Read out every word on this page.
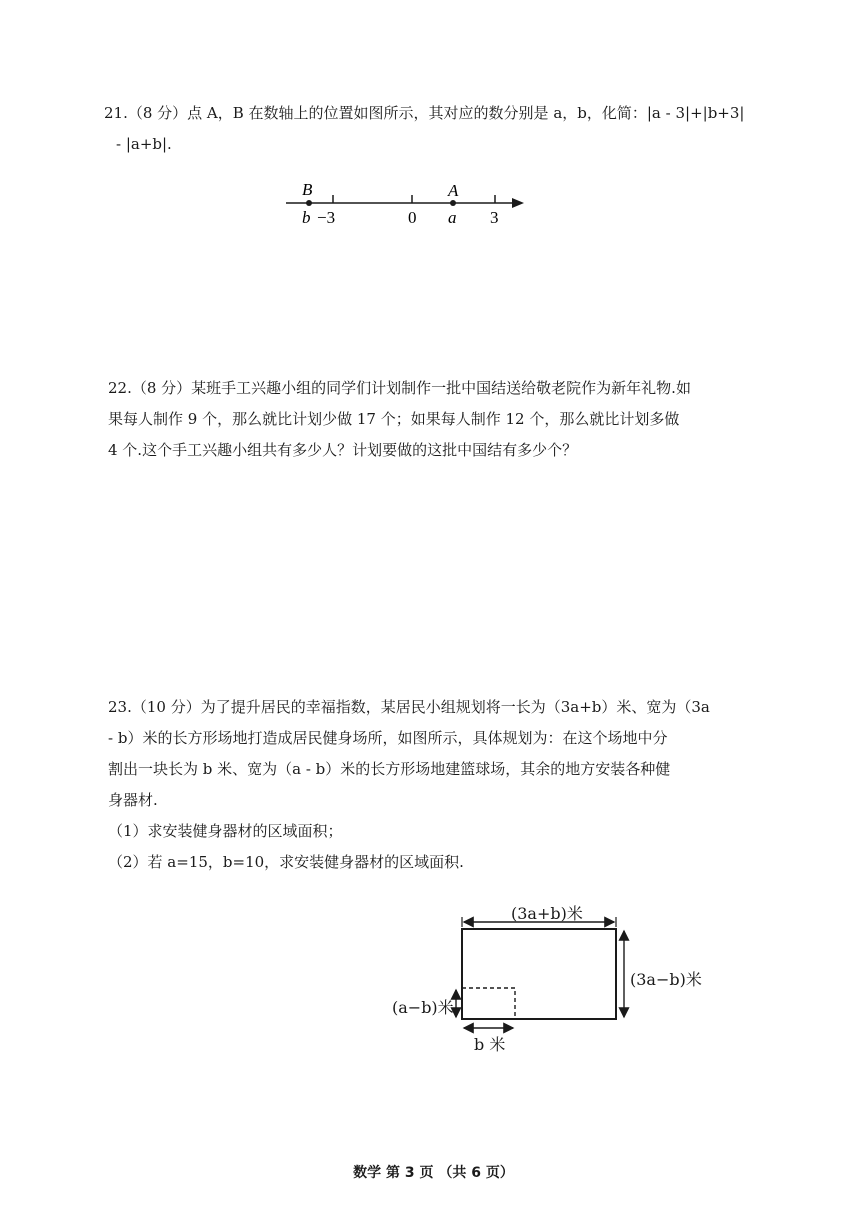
21.（8 分）点 A，B 在数轴上的位置如图所示，其对应的数分别是 a，b，化简：|a - 3|+|b+3|
- |a+b|.
B	A
b −3	0 a 3
22.（8 分）某班手工兴趣小组的同学们计划制作一批中国结送给敬老院作为新年礼物.如
果每人制作 9 个，那么就比计划少做 17 个；如果每人制作 12 个，那么就比计划多做
4 个.这个手工兴趣小组共有多少人？计划要做的这批中国结有多少个？
23.（10 分）为了提升居民的幸福指数，某居民小组规划将一长为（3a+b）米、宽为（3a
- b）米的长方形场地打造成居民健身场所，如图所示，具体规划为：在这个场地中分
割出一块长为 b 米、宽为（a - b）米的长方形场地建篮球场，其余的地方安装各种健
身器材.
（1）求安装健身器材的区域面积；
（2）若 a=15，b=10，求安装健身器材的区域面积.
(3a+b)米
(3a−b)米
(a−b)米
b 米
数学 第 3 页 （共 6 页）
